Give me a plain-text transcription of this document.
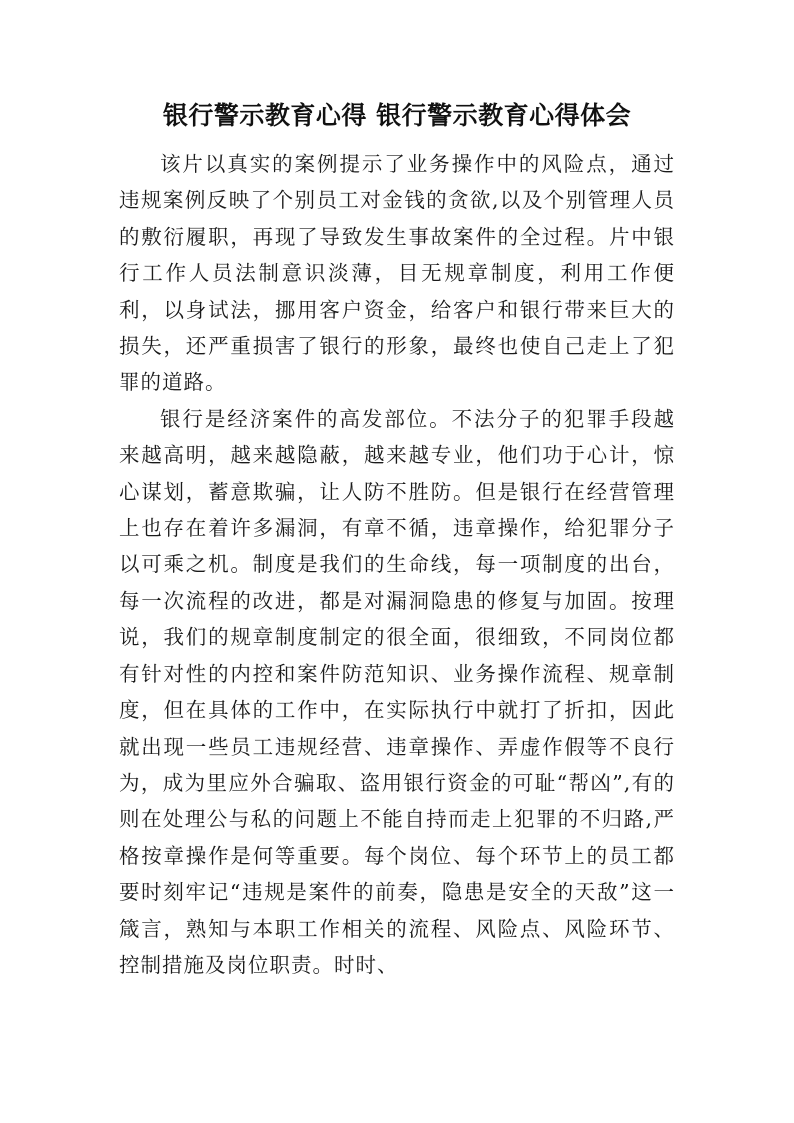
银行警示教育心得 银行警示教育心得体会

该片以真实的案例提示了业务操作中的风险点，通过违规案例反映了个别员工对金钱的贪欲,以及个别管理人员的敷衍履职，再现了导致发生事故案件的全过程。片中银行工作人员法制意识淡薄，目无规章制度，利用工作便利，以身试法，挪用客户资金，给客户和银行带来巨大的损失，还严重损害了银行的形象，最终也使自己走上了犯罪的道路。

银行是经济案件的高发部位。不法分子的犯罪手段越来越高明，越来越隐蔽，越来越专业，他们功于心计，惊心谋划，蓄意欺骗，让人防不胜防。但是银行在经营管理上也存在着许多漏洞，有章不循，违章操作，给犯罪分子以可乘之机。制度是我们的生命线，每一项制度的出台，每一次流程的改进，都是对漏洞隐患的修复与加固。按理说，我们的规章制度制定的很全面，很细致，不同岗位都有针对性的内控和案件防范知识、业务操作流程、规章制度，但在具体的工作中，在实际执行中就打了折扣，因此就出现一些员工违规经营、违章操作、弄虚作假等不良行为，成为里应外合骗取、盗用银行资金的可耻“帮凶”,有的则在处理公与私的问题上不能自持而走上犯罪的不归路,严格按章操作是何等重要。每个岗位、每个环节上的员工都要时刻牢记“违规是案件的前奏，隐患是安全的天敌”这一箴言，熟知与本职工作相关的流程、风险点、风险环节、控制措施及岗位职责。时时、
